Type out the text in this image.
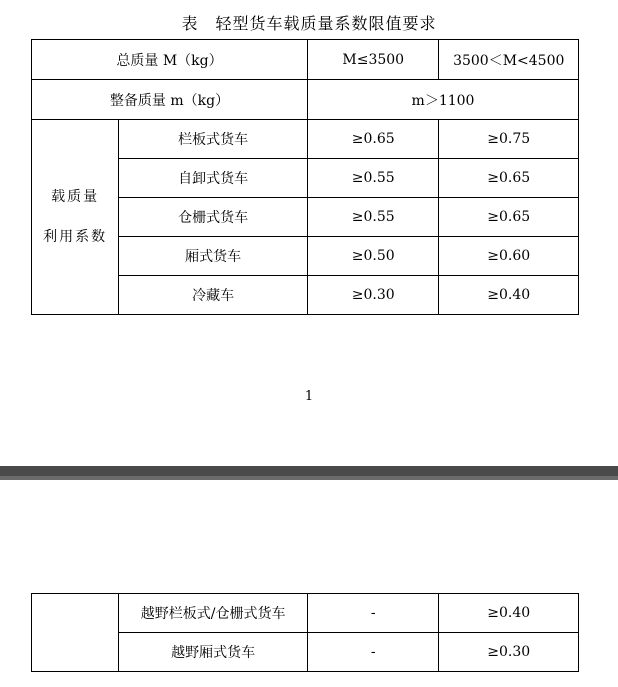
表　轻型货车载质量系数限值要求
总质量 M（kg）		M≤3500	3500＜M<4500
整备质量 m（kg）		m＞1100	

载质量
利用系数	栏板式货车	≥0.65	≥0.75
	自卸式货车	≥0.55	≥0.65
	仓栅式货车	≥0.55	≥0.65
	厢式货车	≥0.50	≥0.60
	冷藏车	≥0.30	≥0.40
1
	越野栏板式/仓栅式货车	-	≥0.40
	越野厢式货车	-	≥0.30
